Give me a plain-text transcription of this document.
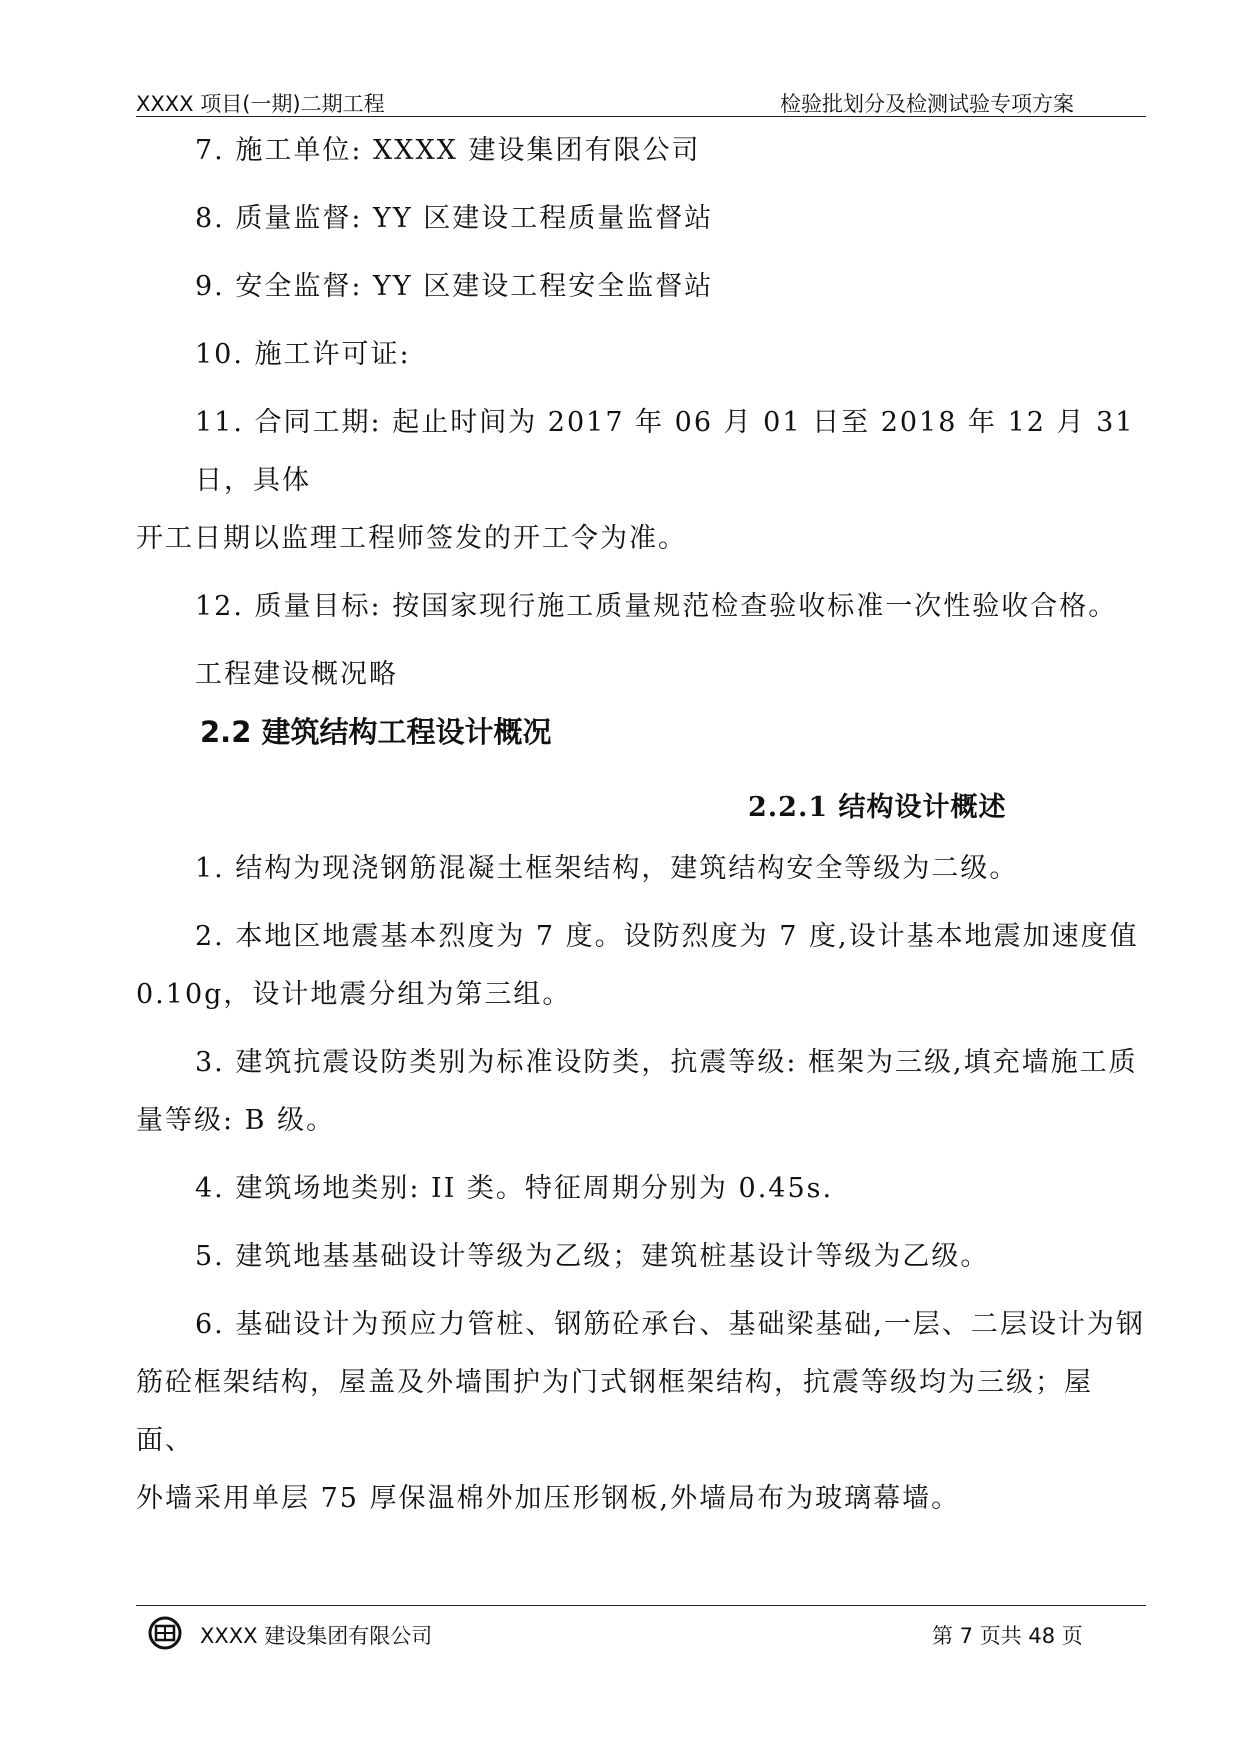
XXXX 项目(一期)二期工程	检验批划分及检测试验专项方案

7. 施工单位: XXXX 建设集团有限公司

8. 质量监督: YY 区建设工程质量监督站

9. 安全监督: YY 区建设工程安全监督站

10. 施工许可证:

11. 合同工期: 起止时间为 2017 年 06 月 01 日至 2018 年 12 月 31 日，具体

开工日期以监理工程师签发的开工令为准。

12. 质量目标: 按国家现行施工质量规范检查验收标准一次性验收合格。

工程建设概况略

2.2 建筑结构工程设计概况
2.2.1 结构设计概述

1. 结构为现浇钢筋混凝土框架结构，建筑结构安全等级为二级。

2. 本地区地震基本烈度为 7 度。设防烈度为 7 度,设计基本地震加速度值

0.10g，设计地震分组为第三组。

3. 建筑抗震设防类别为标准设防类，抗震等级: 框架为三级,填充墙施工质

量等级: B 级。

4. 建筑场地类别: II 类。特征周期分别为 0.45s.

5. 建筑地基基础设计等级为乙级；建筑桩基设计等级为乙级。

6. 基础设计为预应力管桩、钢筋砼承台、基础梁基础,一层、二层设计为钢

筋砼框架结构，屋盖及外墙围护为门式钢框架结构，抗震等级均为三级；屋面、

外墙采用单层 75 厚保温棉外加压形钢板,外墙局布为玻璃幕墙。

XXXX 建设集团有限公司	第 7 页共 48 页
